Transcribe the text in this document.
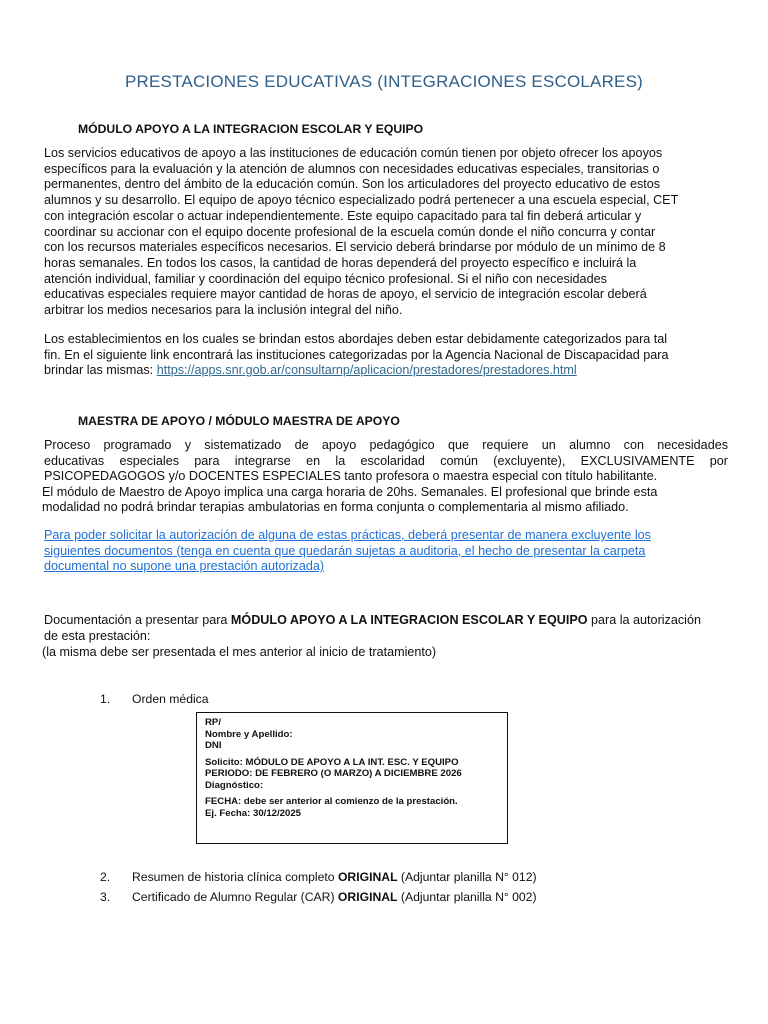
PRESTACIONES EDUCATIVAS (INTEGRACIONES ESCOLARES)
MÓDULO APOYO A LA INTEGRACION ESCOLAR Y EQUIPO
Los servicios educativos de apoyo a las instituciones de educación común tienen por objeto ofrecer los apoyos
específicos para la evaluación y la atención de alumnos con necesidades educativas especiales, transitorias o
permanentes, dentro del ámbito de la educación común. Son los articuladores del proyecto educativo de estos
alumnos y su desarrollo. El equipo de apoyo técnico especializado podrá pertenecer a una escuela especial, CET
con integración escolar o actuar independientemente. Este equipo capacitado para tal fin deberá articular y
coordinar su accionar con el equipo docente profesional de la escuela común donde el niño concurra y contar
con los recursos materiales específicos necesarios. El servicio deberá brindarse por módulo de un mínimo de 8
horas semanales. En todos los casos, la cantidad de horas dependerá del proyecto específico e incluirá la
atención individual, familiar y coordinación del equipo técnico profesional. Si el niño con necesidades
educativas especiales requiere mayor cantidad de horas de apoyo, el servicio de integración escolar deberá
arbitrar los medios necesarios para la inclusión integral del niño.
Los establecimientos en los cuales se brindan estos abordajes deben estar debidamente categorizados para tal
fin. En el siguiente link encontrará las instituciones categorizadas por la Agencia Nacional de Discapacidad para
brindar las mismas: https://apps.snr.gob.ar/consultarnp/aplicacion/prestadores/prestadores.html
MAESTRA DE APOYO / MÓDULO MAESTRA DE APOYO
Proceso programado y sistematizado de apoyo pedagógico que requiere un alumno con necesidades
educativas especiales para integrarse en la escolaridad común (excluyente), EXCLUSIVAMENTE por
PSICOPEDAGOGOS y/o DOCENTES ESPECIALES tanto profesora o maestra especial con título habilitante.
El módulo de Maestro de Apoyo implica una carga horaria de 20hs. Semanales. El profesional que brinde esta
modalidad no podrá brindar terapias ambulatorias en forma conjunta o complementaria al mismo afiliado.
Para poder solicitar la autorización de alguna de estas prácticas, deberá presentar de manera excluyente los
siguientes documentos (tenga en cuenta que quedarán sujetas a auditoria, el hecho de presentar la carpeta
documental no supone una prestación autorizada)
Documentación a presentar para MÓDULO APOYO A LA INTEGRACION ESCOLAR Y EQUIPO para la autorización
de esta prestación:
(la misma debe ser presentada el mes anterior al inicio de tratamiento)
1. Orden médica
RP/
Nombre y Apellido:
DNI
Solicito: MÓDULO DE APOYO A LA INT. ESC. Y EQUIPO
PERIODO: DE FEBRERO (O MARZO) A DICIEMBRE 2026
Diagnóstico:
FECHA: debe ser anterior al comienzo de la prestación.
Ej. Fecha: 30/12/2025
2. Resumen de historia clínica completo ORIGINAL (Adjuntar planilla N° 012)
3. Certificado de Alumno Regular (CAR) ORIGINAL (Adjuntar planilla N° 002)
